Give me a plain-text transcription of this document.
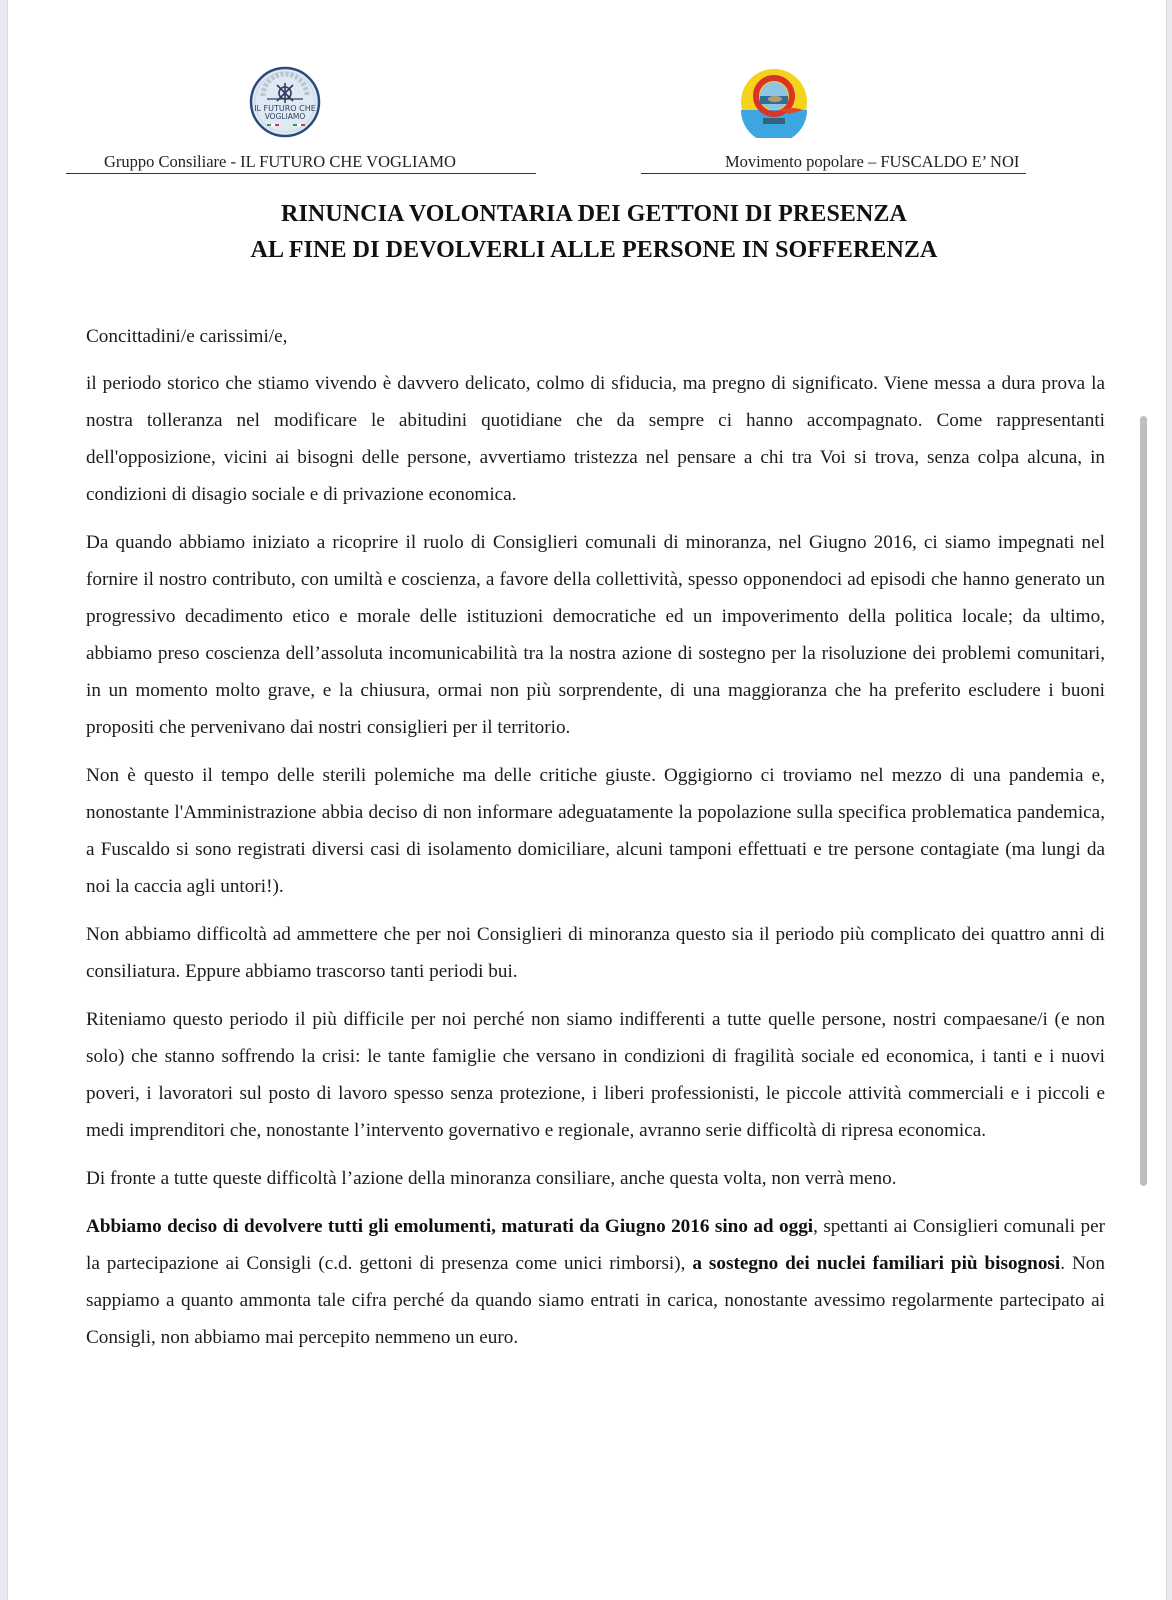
IL FUTURO CHE
VOGLIAMO
Gruppo Consiliare - IL FUTURO CHE VOGLIAMO	Movimento popolare – FUSCALDO E’ NOI
RINUNCIA VOLONTARIA DEI GETTONI DI PRESENZA
AL FINE DI DEVOLVERLI ALLE PERSONE IN SOFFERENZA

Concittadini/e carissimi/e,

il periodo storico che stiamo vivendo è davvero delicato, colmo di sfiducia, ma pregno di significato. Viene messa a dura prova la nostra tolleranza nel modificare le abitudini quotidiane che da sempre ci hanno accompagnato. Come rappresentanti dell'opposizione, vicini ai bisogni delle persone, avvertiamo tristezza nel pensare a chi tra Voi si trova, senza colpa alcuna, in condizioni di disagio sociale e di privazione economica.

Da quando abbiamo iniziato a ricoprire il ruolo di Consiglieri comunali di minoranza, nel Giugno 2016, ci siamo impegnati nel fornire il nostro contributo, con umiltà e coscienza, a favore della collettività, spesso opponendoci ad episodi che hanno generato un progressivo decadimento etico e morale delle istituzioni democratiche ed un impoverimento della politica locale; da ultimo, abbiamo preso coscienza dell’assoluta incomunicabilità tra la nostra azione di sostegno per la risoluzione dei problemi comunitari, in un momento molto grave, e la chiusura, ormai non più sorprendente, di una maggioranza che ha preferito escludere i buoni propositi che pervenivano dai nostri consiglieri per il territorio.

Non è questo il tempo delle sterili polemiche ma delle critiche giuste. Oggigiorno ci troviamo nel mezzo di una pandemia e, nonostante l'Amministrazione abbia deciso di non informare adeguatamente la popolazione sulla specifica problematica pandemica, a Fuscaldo si sono registrati diversi casi di isolamento domiciliare, alcuni tamponi effettuati e tre persone contagiate (ma lungi da noi la caccia agli untori!).

Non abbiamo difficoltà ad ammettere che per noi Consiglieri di minoranza questo sia il periodo più complicato dei quattro anni di consiliatura. Eppure abbiamo trascorso tanti periodi bui.

Riteniamo questo periodo il più difficile per noi perché non siamo indifferenti a tutte quelle persone, nostri compaesane/i (e non solo) che stanno soffrendo la crisi: le tante famiglie che versano in condizioni di fragilità sociale ed economica, i tanti e i nuovi poveri, i lavoratori sul posto di lavoro spesso senza protezione, i liberi professionisti, le piccole attività commerciali e i piccoli e medi imprenditori che, nonostante l’intervento governativo e regionale, avranno serie difficoltà di ripresa economica.

Di fronte a tutte queste difficoltà l’azione della minoranza consiliare, anche questa volta, non verrà meno.

Abbiamo deciso di devolvere tutti gli emolumenti, maturati da Giugno 2016 sino ad oggi, spettanti ai Consiglieri comunali per la partecipazione ai Consigli (c.d. gettoni di presenza come unici rimborsi), a sostegno dei nuclei familiari più bisognosi. Non sappiamo a quanto ammonta tale cifra perché da quando siamo entrati in carica, nonostante avessimo regolarmente partecipato ai Consigli, non abbiamo mai percepito nemmeno un euro.
